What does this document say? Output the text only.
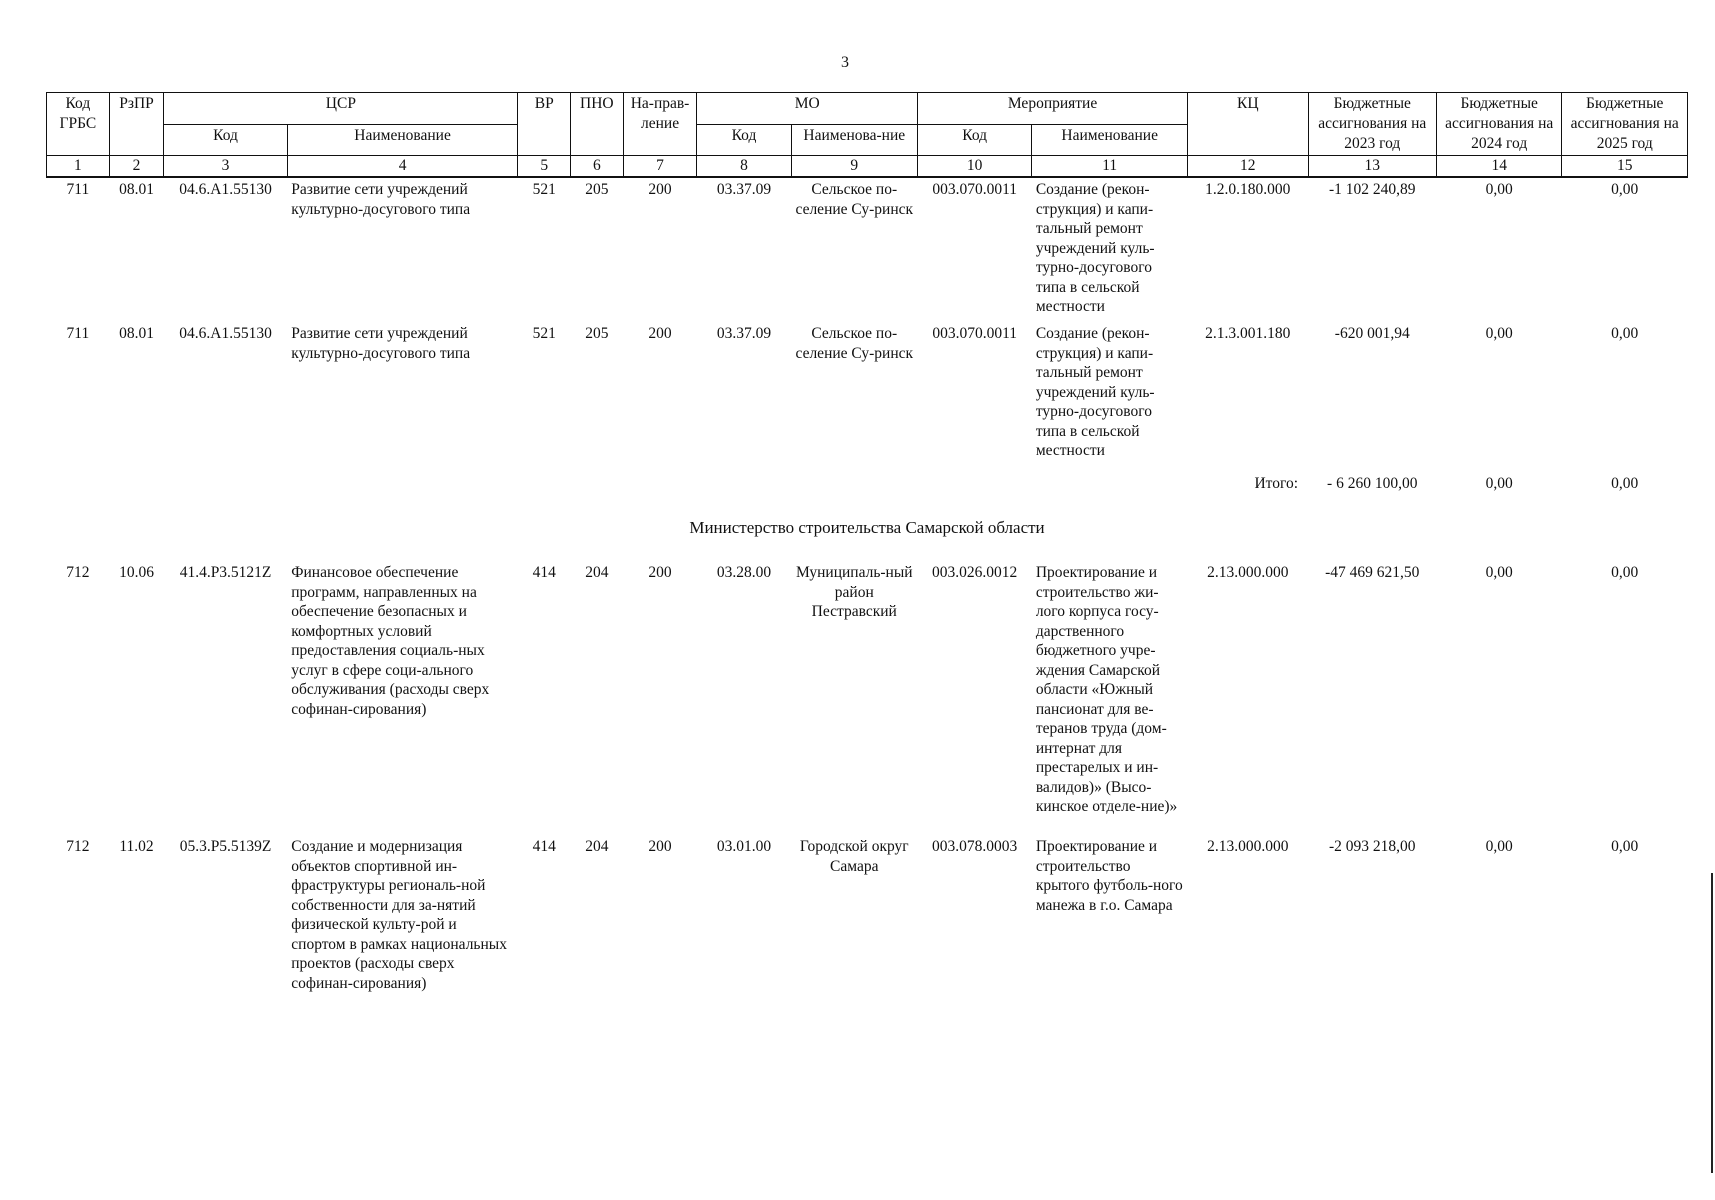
3
Код ГРБС	РзПР	ЦСР		ВР	ПНО	На-прав-ление	МО		Мероприятие		КЦ	Бюджетные ассигнования на 2023 год	Бюджетные ассигнования на 2024 год	Бюджетные ассигнования на 2025 год
		Код	Наименование				Код	Наименова-ние	Код	Наименование				
1	2	3	4	5	6	7	8	9	10	11	12	13	14	15
711	08.01	04.6.A1.55130	Развитие сети учреждений культурно-досугового типа	521	205	200	03.37.09	Сельское по-селение Су-ринск	003.070.0011	Создание (рекон-струкция) и капи-тальный ремонт учреждений куль-турно-досугового типа в сельской местности	1.2.0.180.000	-1 102 240,89	0,00	0,00
711	08.01	04.6.A1.55130	Развитие сети учреждений культурно-досугового типа	521	205	200	03.37.09	Сельское по-селение Су-ринск	003.070.0011	Создание (рекон-струкция) и капи-тальный ремонт учреждений куль-турно-досугового типа в сельской местности	2.1.3.001.180	-620 001,94	0,00	0,00
Итого:												- 6 260 100,00	0,00	0,00
Министерство строительства Самарской области														
712	10.06	41.4.P3.5121Z	Финансовое обеспечение программ, направленных на обеспечение безопасных и комфортных условий предоставления социаль-ных услуг в сфере соци-ального обслуживания (расходы сверх софинан-сирования)	414	204	200	03.28.00	Муниципаль-ный район Пестравский	003.026.0012	Проектирование и строительство жи-лого корпуса госу-дарственного бюджетного учре-ждения Самарской области «Южный пансионат для ве-теранов труда (дом-интернат для престарелых и ин-валидов)» (Высо-кинское отделе-ние)»	2.13.000.000	-47 469 621,50	0,00	0,00
712	11.02	05.3.P5.5139Z	Создание и модернизация объектов спортивной ин-фраструктуры региональ-ной собственности для за-нятий физической культу-рой и спортом в рамках национальных проектов (расходы сверх софинан-сирования)	414	204	200	03.01.00	Городской округ Самара	003.078.0003	Проектирование и строительство крытого футболь-ного манежа в г.о. Самара	2.13.000.000	-2 093 218,00	0,00	0,00
